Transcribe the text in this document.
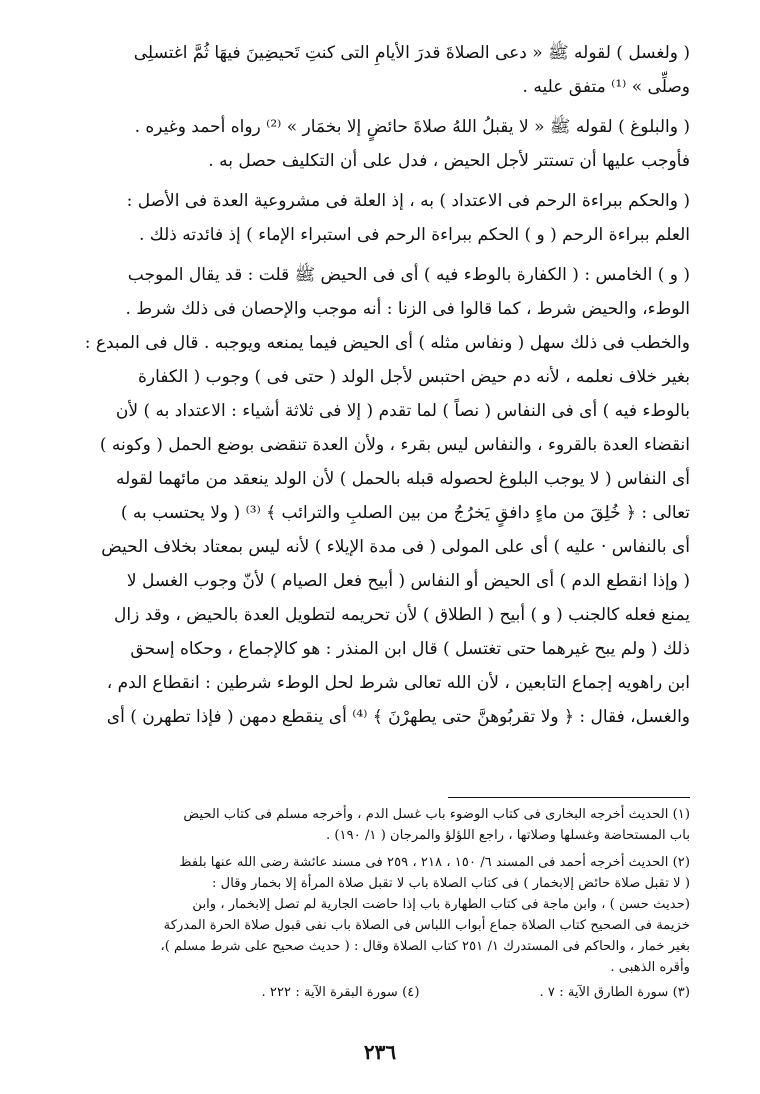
( ولغسل ) لقوله ﷺ « دعى الصلاةَ قدرَ الأيامِ التى كنتِ تَحيضِينَ فيهَا ثُمَّ اغتسلِى
وصلِّى » ⁽¹⁾ متفق عليه .

( والبلوغ ) لقوله ﷺ « لا يقبلُ اللهُ صلاةَ حائضٍ إلا بخمَار » ⁽²⁾ رواه أحمد وغيره .
فأوجب عليها أن تستتر لأجل الحيض ، فدل على أن التكليف حصل به .

( والحكم ببراءة الرحم فى الاعتداد ) به ، إذ العلة فى مشروعية العدة فى الأصل :
العلم ببراءة الرحم ( و ) الحكم ببراءة الرحم فى استبراء الإماء ) إذ فائدته ذلك .

( و ) الخامس : ( الكفارة بالوطء فيه ) أى فى الحيض ﷺ قلت : قد يقال الموجب
الوطء، والحيض شرط ، كما قالوا فى الزنا : أنه موجب والإحصان فى ذلك شرط .
والخطب فى ذلك سهل ( ونفاس مثله ) أى الحيض فيما يمنعه ويوجبه . قال فى المبدع :
بغير خلاف نعلمه ، لأنه دم حيض احتبس لأجل الولد ( حتى فى ) وجوب ( الكفارة
بالوطء فيه ) أى فى النفاس ( نصاً ) لما تقدم ( إلا فى ثلاثة أشياء : الاعتداد به ) لأن
انقضاء العدة بالقروء ، والنفاس ليس بقرء ، ولأن العدة تنقضى بوضع الحمل ( وكونه )
أى النفاس ( لا يوجب البلوغ لحصوله قبله بالحمل ) لأن الولد ينعقد من مائهما لقوله
تعالى : ﴿ خُلِقَ من ماءٍ دافقٍ يَخرُجُ من بين الصلبِ والترائب ﴾ ⁽³⁾ ( ولا يحتسب به )
أى بالنفاس · عليه ) أى على المولى ( فى مدة الإيلاء ) لأنه ليس بمعتاد بخلاف الحيض
( وإذا انقطع الدم ) أى الحيض أو النفاس ( أبيح فعل الصيام ) لأنّ وجوب الغسل لا
يمنع فعله كالجنب ( و ) أبيح ( الطلاق ) لأن تحريمه لتطويل العدة بالحيض ، وقد زال
ذلك ( ولم يبح غيرهما حتى تغتسل ) قال ابن المنذر : هو كالإجماع ، وحكاه إسحق
ابن راهويه إجماع التابعين ، لأن الله تعالى شرط لحل الوطء شرطين : انقطاع الدم ،
والغسل، فقال : ﴿ ولا تقربُوهنَّ حتى يطهرْنَ ﴾ ⁽⁴⁾ أى ينقطع دمهن ( فإذا تطهرن ) أى

(١) الحديث أخرجه البخارى فى كتاب الوضوء باب غسل الدم ، وأخرجه مسلم فى كتاب الحيض
باب المستحاضة وغسلها وصلاتها ، راجع اللؤلؤ والمرجان ( ١/ ١٩٠) .

(٢) الحديث أخرجه أحمد فى المسند ٦/ ١٥٠ ، ٢١٨ ، ٢٥٩ فى مسند عائشة رضى الله عنها بلفظ
( لا تقبل صلاة حائض إلابخمار ) فى كتاب الصلاة باب لا تقبل صلاة المرأة إلا بخمار وقال :
(حديث حسن ) ، وابن ماجة فى كتاب الطهارة باب إذا حاضت الجارية لم تصل إلابخمار ، وابن
خزيمة فى الصحيح كتاب الصلاة جماع أبواب اللباس فى الصلاة باب نفى قبول صلاة الحرة المدركة
بغير خمار ، والحاكم فى المستدرك ١/ ٢٥١ كتاب الصلاة وقال : ( حديث صحيح على شرط مسلم )،
وأقره الذهبى .

(٣) سورة الطارق الآية : ٧ .
(٤) سورة البقرة الآية : ٢٢٢ .
٢٣٦
